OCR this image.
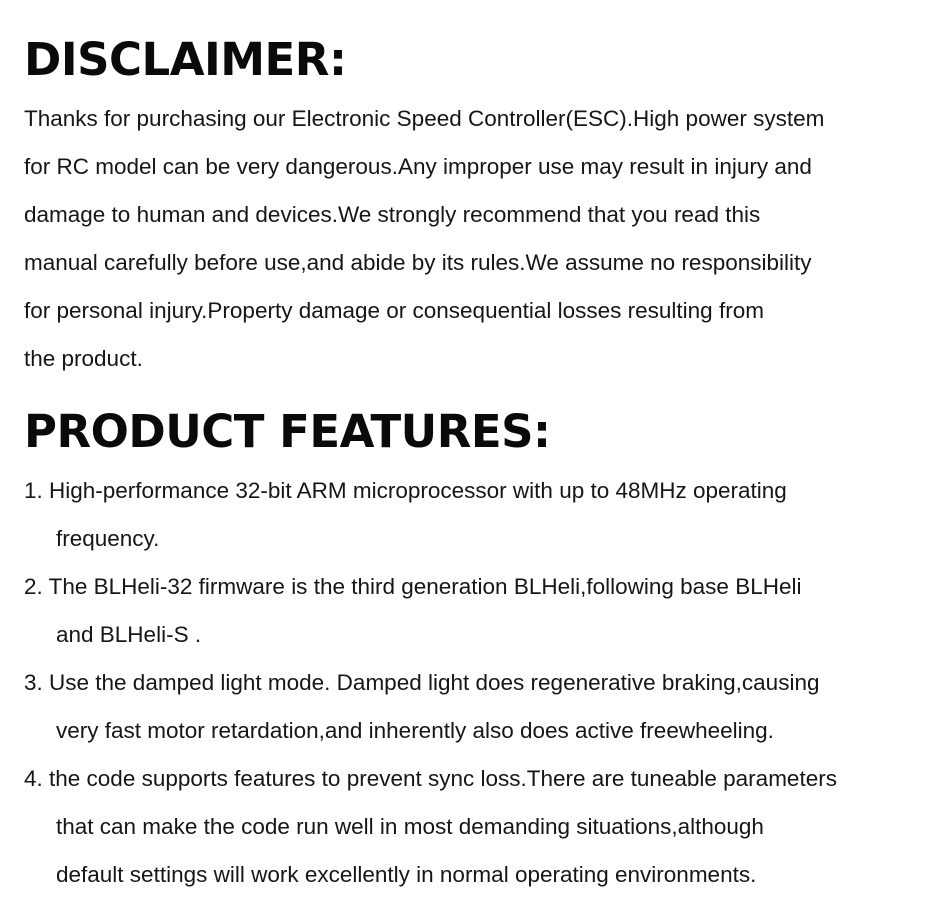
DISCLAIMER:

Thanks for purchasing our Electronic Speed Controller(ESC).High power system
for RC model can be very dangerous.Any improper use may result in injury and
damage to human and devices.We strongly recommend that you read this
manual carefully before use,and abide by its rules.We assume no responsibility
for personal injury.Property damage or consequential losses resulting from
the product.

PRODUCT FEATURES:
1. High-performance 32-bit ARM microprocessor with up to 48MHz operating
frequency.
2. The BLHeli-32 firmware is the third generation BLHeli,following base BLHeli
and BLHeli-S .
3. Use the damped light mode. Damped light does regenerative braking,causing
very fast motor retardation,and inherently also does active freewheeling.
4. the code supports features to prevent sync loss.There are tuneable parameters
that can make the code run well in most demanding situations,although
default settings will work excellently in normal operating environments.
